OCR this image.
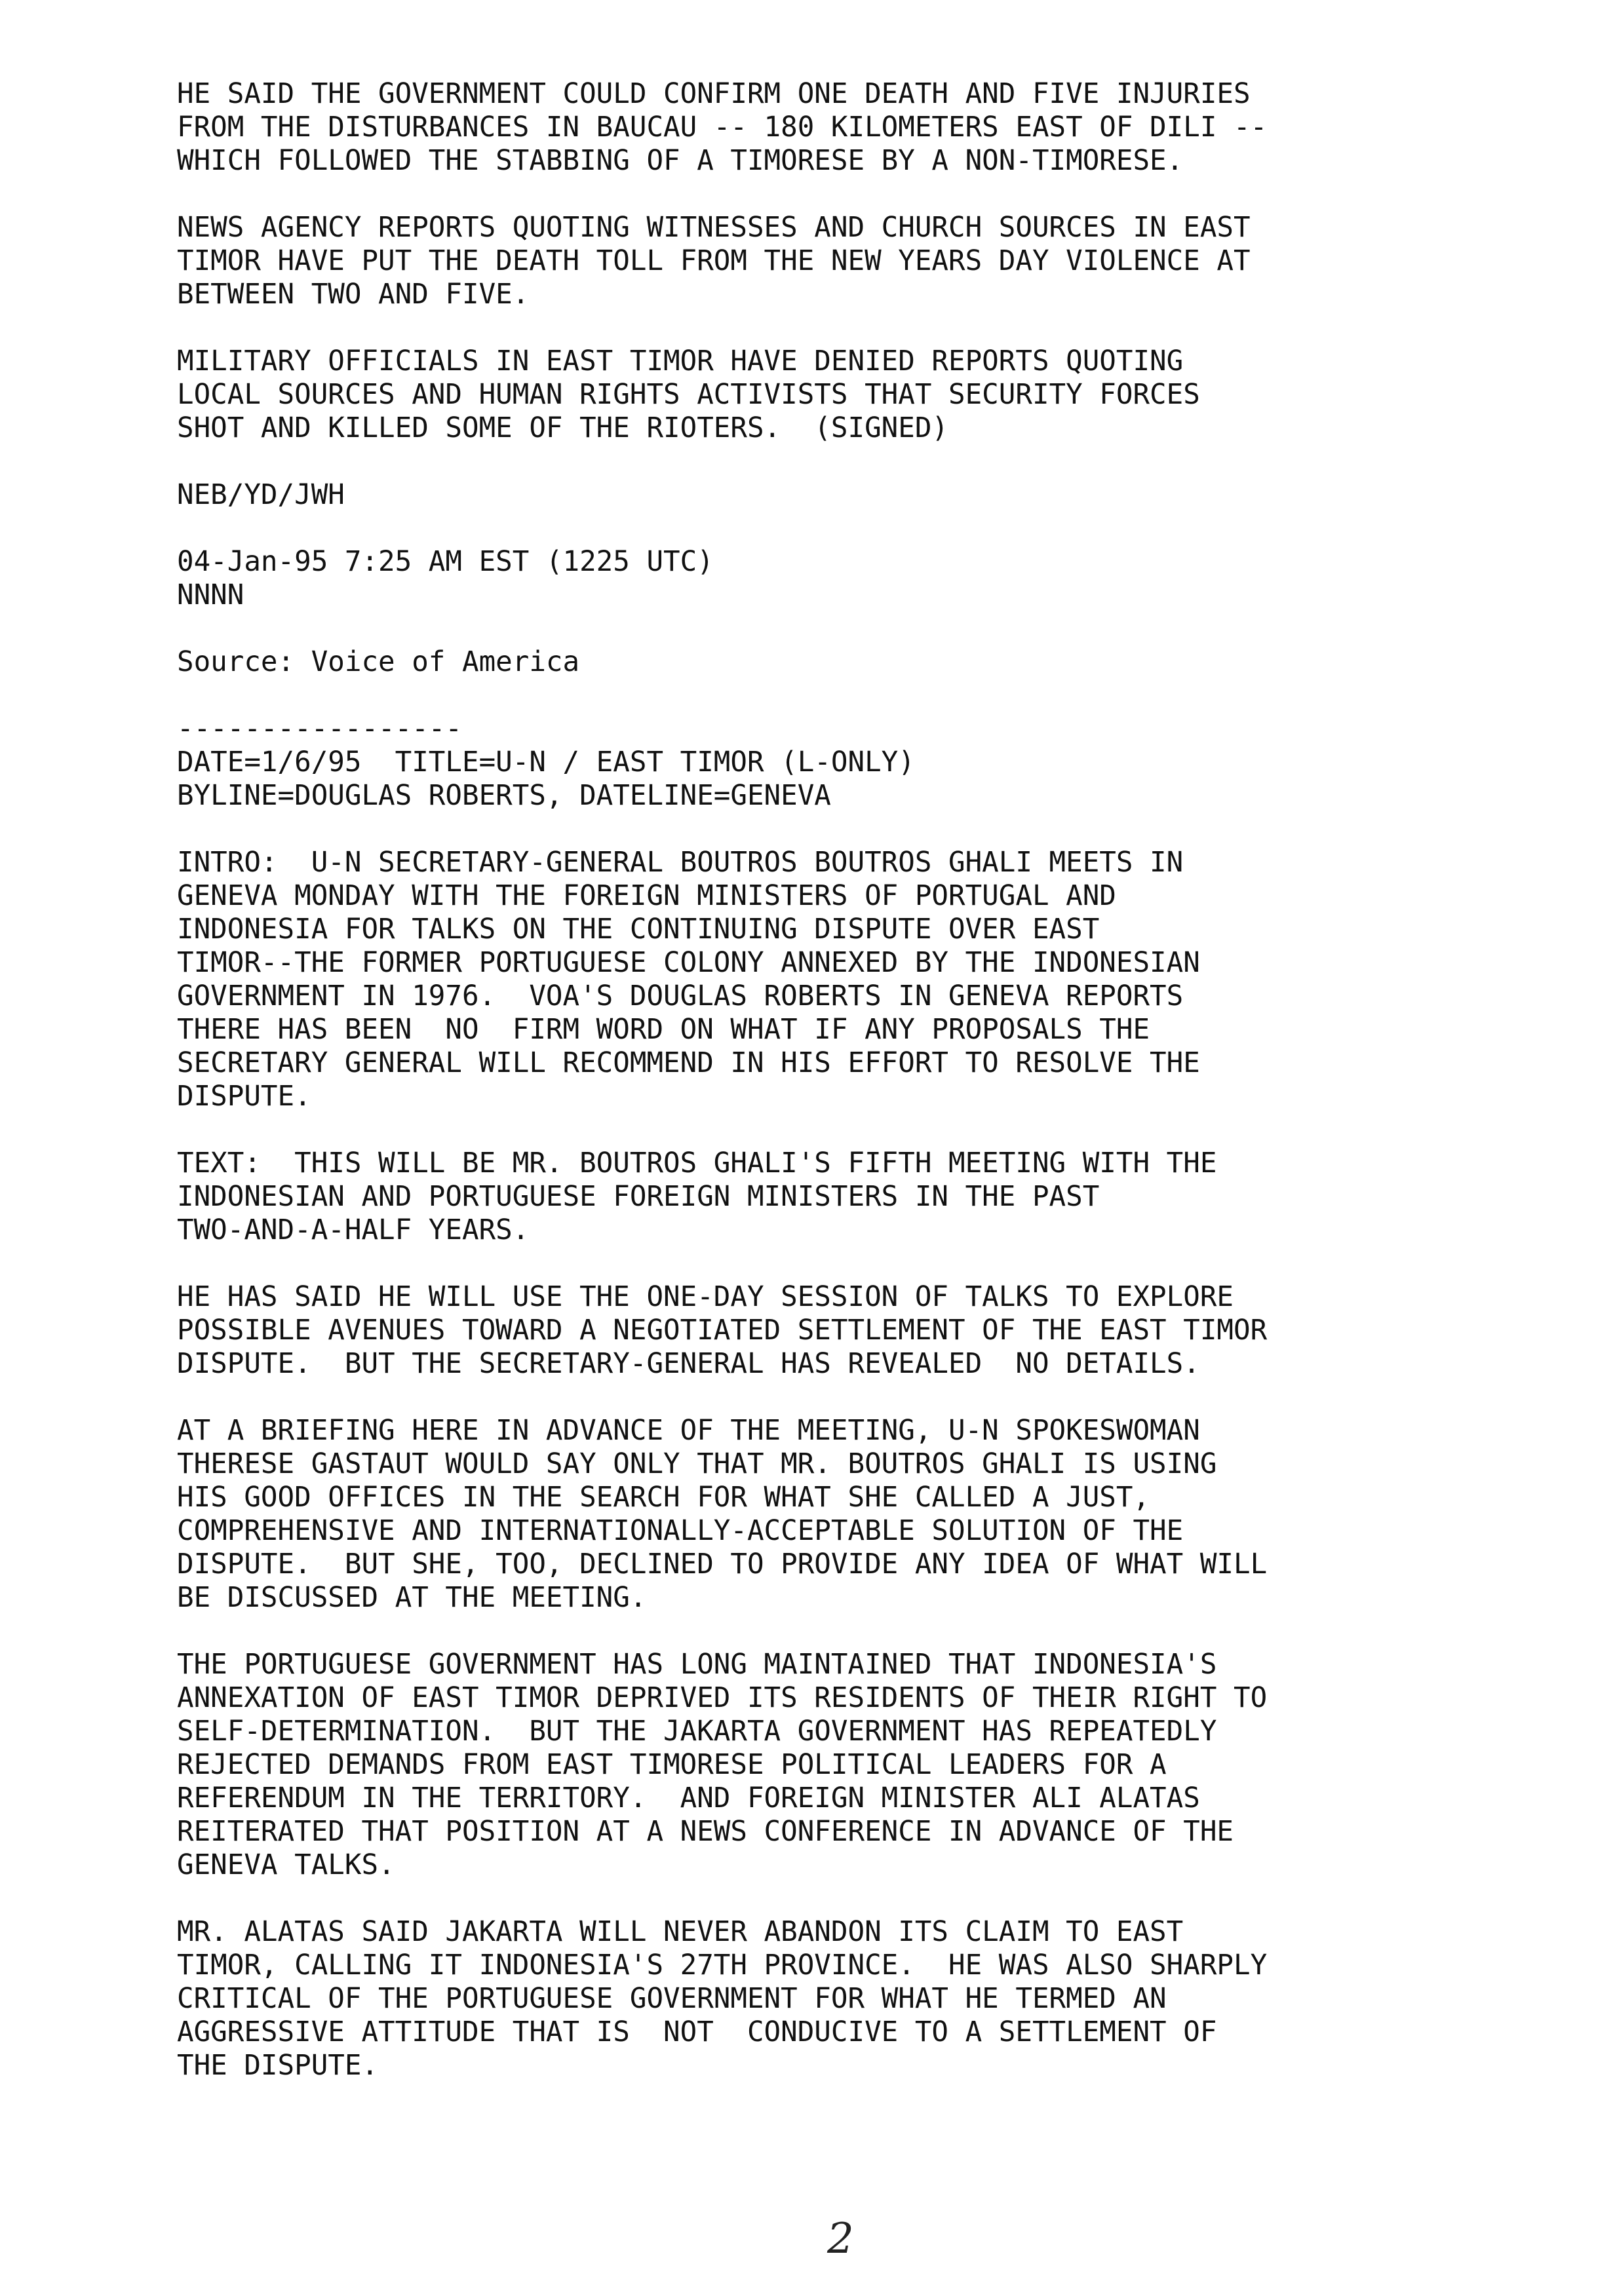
HE SAID THE GOVERNMENT COULD CONFIRM ONE DEATH AND FIVE INJURIES
FROM THE DISTURBANCES IN BAUCAU -- 180 KILOMETERS EAST OF DILI --
WHICH FOLLOWED THE STABBING OF A TIMORESE BY A NON-TIMORESE.
NEWS AGENCY REPORTS QUOTING WITNESSES AND CHURCH SOURCES IN EAST
TIMOR HAVE PUT THE DEATH TOLL FROM THE NEW YEARS DAY VIOLENCE AT
BETWEEN TWO AND FIVE.
MILITARY OFFICIALS IN EAST TIMOR HAVE DENIED REPORTS QUOTING
LOCAL SOURCES AND HUMAN RIGHTS ACTIVISTS THAT SECURITY FORCES
SHOT AND KILLED SOME OF THE RIOTERS.  (SIGNED)
NEB/YD/JWH
04-Jan-95 7:25 AM EST (1225 UTC)
NNNN
Source: Voice of America
-----------------
DATE=1/6/95  TITLE=U-N / EAST TIMOR (L-ONLY)
BYLINE=DOUGLAS ROBERTS, DATELINE=GENEVA
INTRO:  U-N SECRETARY-GENERAL BOUTROS BOUTROS GHALI MEETS IN
GENEVA MONDAY WITH THE FOREIGN MINISTERS OF PORTUGAL AND
INDONESIA FOR TALKS ON THE CONTINUING DISPUTE OVER EAST
TIMOR--THE FORMER PORTUGUESE COLONY ANNEXED BY THE INDONESIAN
GOVERNMENT IN 1976.  VOA'S DOUGLAS ROBERTS IN GENEVA REPORTS
THERE HAS BEEN  NO  FIRM WORD ON WHAT IF ANY PROPOSALS THE
SECRETARY GENERAL WILL RECOMMEND IN HIS EFFORT TO RESOLVE THE
DISPUTE.
TEXT:  THIS WILL BE MR. BOUTROS GHALI'S FIFTH MEETING WITH THE
INDONESIAN AND PORTUGUESE FOREIGN MINISTERS IN THE PAST
TWO-AND-A-HALF YEARS.
HE HAS SAID HE WILL USE THE ONE-DAY SESSION OF TALKS TO EXPLORE
POSSIBLE AVENUES TOWARD A NEGOTIATED SETTLEMENT OF THE EAST TIMOR
DISPUTE.  BUT THE SECRETARY-GENERAL HAS REVEALED  NO DETAILS.
AT A BRIEFING HERE IN ADVANCE OF THE MEETING, U-N SPOKESWOMAN
THERESE GASTAUT WOULD SAY ONLY THAT MR. BOUTROS GHALI IS USING
HIS GOOD OFFICES IN THE SEARCH FOR WHAT SHE CALLED A JUST,
COMPREHENSIVE AND INTERNATIONALLY-ACCEPTABLE SOLUTION OF THE
DISPUTE.  BUT SHE, TOO, DECLINED TO PROVIDE ANY IDEA OF WHAT WILL
BE DISCUSSED AT THE MEETING.
THE PORTUGUESE GOVERNMENT HAS LONG MAINTAINED THAT INDONESIA'S
ANNEXATION OF EAST TIMOR DEPRIVED ITS RESIDENTS OF THEIR RIGHT TO
SELF-DETERMINATION.  BUT THE JAKARTA GOVERNMENT HAS REPEATEDLY
REJECTED DEMANDS FROM EAST TIMORESE POLITICAL LEADERS FOR A
REFERENDUM IN THE TERRITORY.  AND FOREIGN MINISTER ALI ALATAS
REITERATED THAT POSITION AT A NEWS CONFERENCE IN ADVANCE OF THE
GENEVA TALKS.
MR. ALATAS SAID JAKARTA WILL NEVER ABANDON ITS CLAIM TO EAST
TIMOR, CALLING IT INDONESIA'S 27TH PROVINCE.  HE WAS ALSO SHARPLY
CRITICAL OF THE PORTUGUESE GOVERNMENT FOR WHAT HE TERMED AN
AGGRESSIVE ATTITUDE THAT IS  NOT  CONDUCIVE TO A SETTLEMENT OF
THE DISPUTE.
2
